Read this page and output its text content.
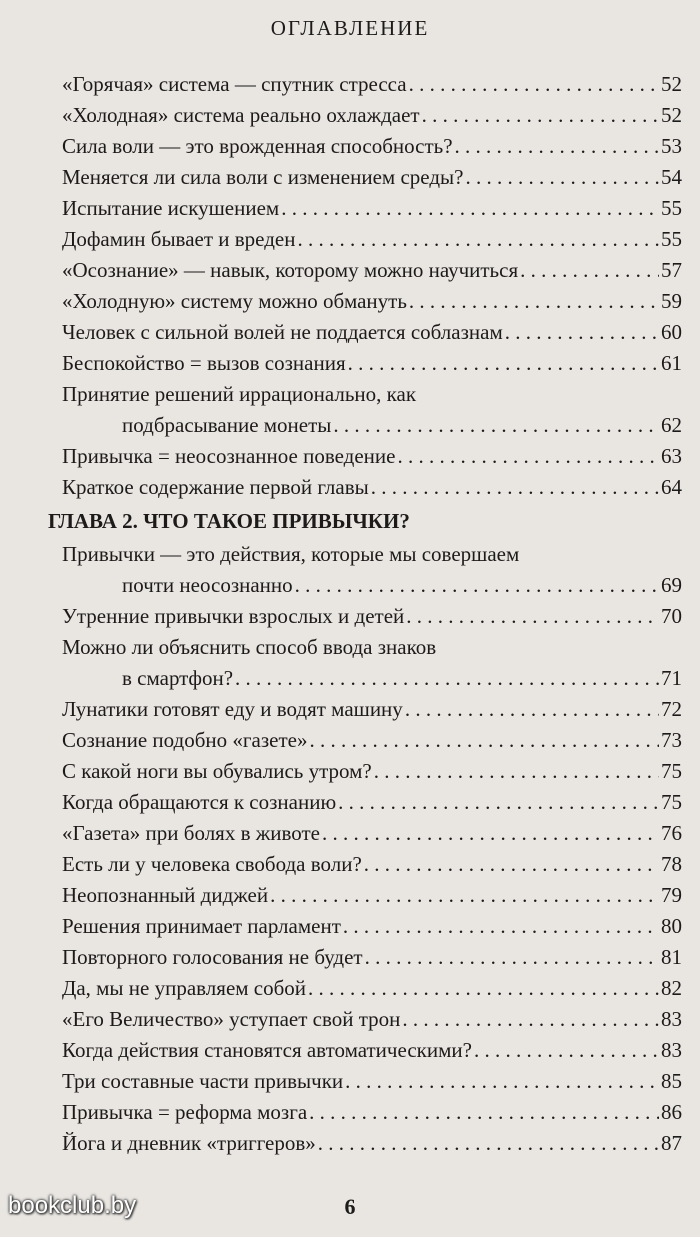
ОГЛАВЛЕНИЕ
«Горячая» система — спутник стресса . . .	52
«Холодная» система реально охлаждает . . .	52
Сила воли — это врожденная способность? . . .	53
Меняется ли сила воли с изменением среды? . . .	54
Испытание искушением . . .	55
Дофамин бывает и вреден . . .	55
«Осознание» — навык, которому можно научиться . . .	57
«Холодную» систему можно обмануть . . .	59
Человек с сильной волей не поддается соблазнам . . .	60
Беспокойство = вызов сознания . . .	61
Принятие решений иррационально, как
подбрасывание монеты . . .	62
Привычка = неосознанное поведение . . .	63
Краткое содержание первой главы . . .	64
ГЛАВА 2. ЧТО ТАКОЕ ПРИВЫЧКИ?
Привычки — это действия, которые мы совершаем
почти неосознанно . . .	69
Утренние привычки взрослых и детей . . .	70
Можно ли объяснить способ ввода знаков
в смартфон? . . .	71
Лунатики готовят еду и водят машину . . .	72
Сознание подобно «газете» . . .	73
С какой ноги вы обувались утром? . . .	75
Когда обращаются к сознанию . . .	75
«Газета» при болях в животе . . .	76
Есть ли у человека свобода воли? . . .	78
Неопознанный диджей . . .	79
Решения принимает парламент . . .	80
Повторного голосования не будет . . .	81
Да, мы не управляем собой . . .	82
«Его Величество» уступает свой трон . . .	83
Когда действия становятся автоматическими? . . .	83
Три составные части привычки . . .	85
Привычка = реформа мозга . . .	86
Йога и дневник «триггеров» . . .	87
bookclub.by	6
